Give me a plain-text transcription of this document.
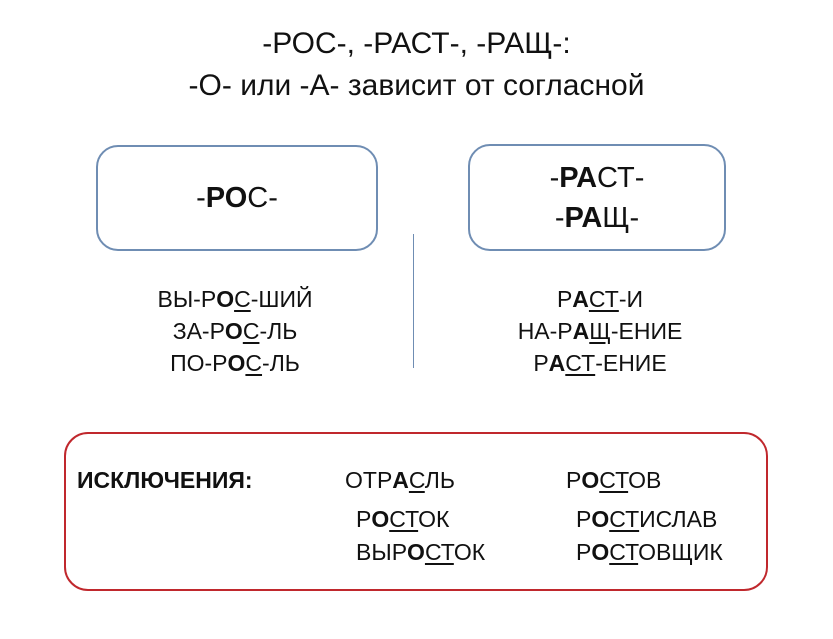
-РОС-, -РАСТ-, -РАЩ-:
-О- или -А- зависит от согласной
-РОС-
-РАСТ-
-РАЩ-
ВЫ-РОС-ШИЙ
ЗА-РОС-ЛЬ
ПО-РОС-ЛЬ
РАСТ-И
НА-РАЩ-ЕНИЕ
РАСТ-ЕНИЕ
ИСКЛЮЧЕНИЯ:	ОТРАСЛЬ
РОСТОК
ВЫРОСТОК
РОСТОВ
РОСТИСЛАВ
РОСТОВЩИК
